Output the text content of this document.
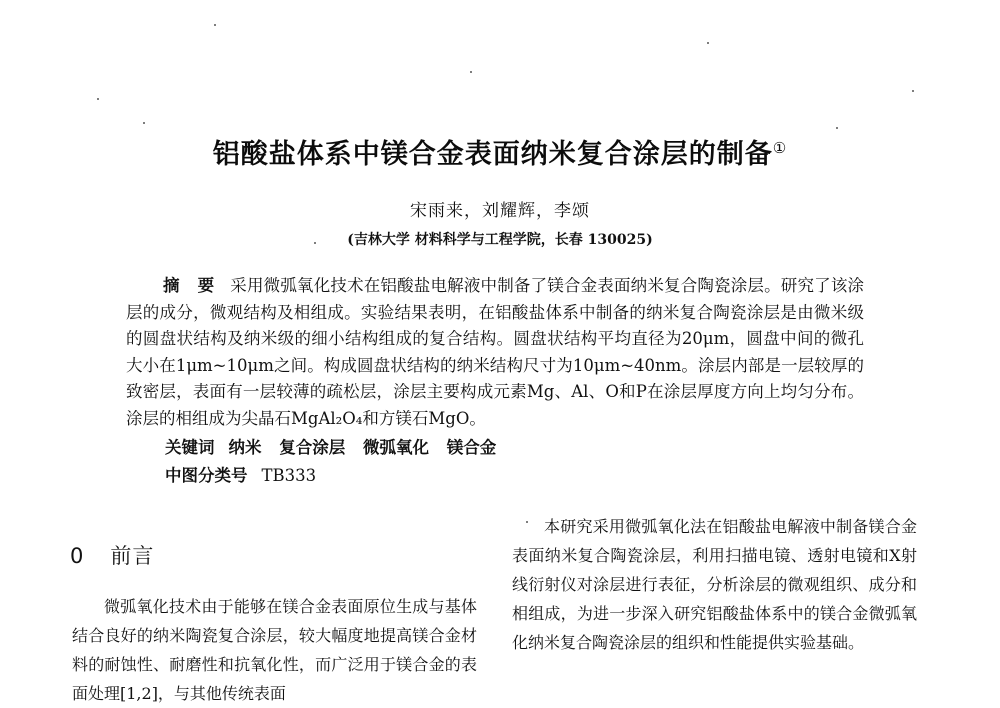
铝酸盐体系中镁合金表面纳米复合涂层的制备①
宋雨来，刘耀辉，李颂
(吉林大学 材料科学与工程学院，长春 130025)
摘 要 采用微弧氧化技术在铝酸盐电解液中制备了镁合金表面纳米复合陶瓷涂层。研究了该涂层的成分，微观结构及相组成。实验结果表明，在铝酸盐体系中制备的纳米复合陶瓷涂层是由微米级的圆盘状结构及纳米级的细小结构组成的复合结构。圆盘状结构平均直径为20μm，圆盘中间的微孔大小在1μm~10μm之间。构成圆盘状结构的纳米结构尺寸为10μm~40nm。涂层内部是一层较厚的致密层，表面有一层较薄的疏松层，涂层主要构成元素Mg、Al、O和P在涂层厚度方向上均匀分布。涂层的相组成为尖晶石MgAl₂O₄和方镁石MgO。
关键词 纳米 复合涂层 微弧氧化 镁合金
中图分类号 TB333
0 前言
微弧氧化技术由于能够在镁合金表面原位生成与基体结合良好的纳米陶瓷复合涂层，较大幅度地提高镁合金材料的耐蚀性、耐磨性和抗氧化性，而广泛用于镁合金的表面处理[1,2]，与其他传统表面
本研究采用微弧氧化法在铝酸盐电解液中制备镁合金表面纳米复合陶瓷涂层，利用扫描电镜、透射电镜和X射线衍射仪对涂层进行表征，分析涂层的微观组织、成分和相组成，为进一步深入研究铝酸盐体系中的镁合金微弧氧化纳米复合陶瓷涂层的组织和性能提供实验基础。
